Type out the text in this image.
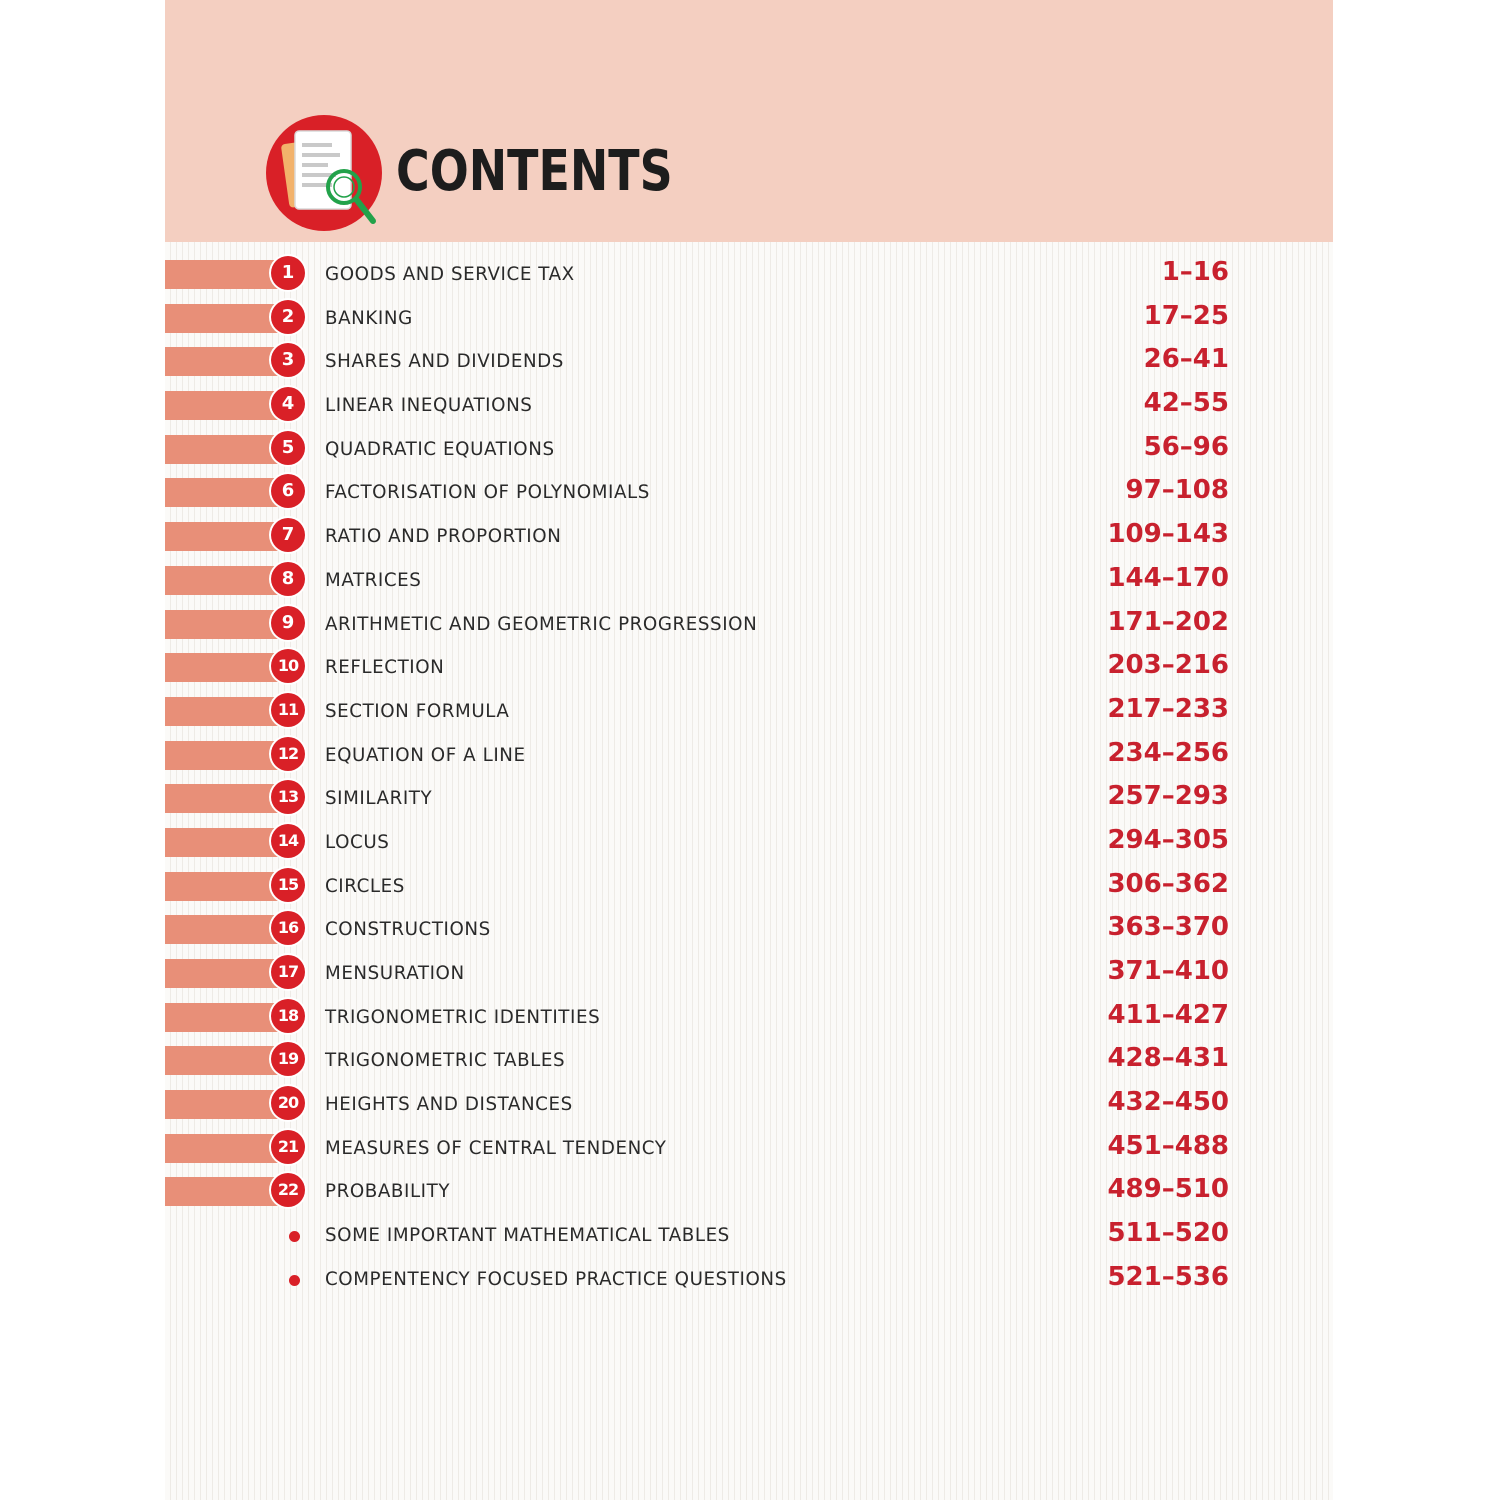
CONTENTS
1	GOODS AND SERVICE TAX	1–16
2	BANKING	17–25
3	SHARES AND DIVIDENDS	26–41
4	LINEAR INEQUATIONS	42–55
5	QUADRATIC EQUATIONS	56–96
6	FACTORISATION OF POLYNOMIALS	97–108
7	RATIO AND PROPORTION	109–143
8	MATRICES	144–170
9	ARITHMETIC AND GEOMETRIC PROGRESSION	171–202
10	REFLECTION	203–216
11	SECTION FORMULA	217–233
12	EQUATION OF A LINE	234–256
13	SIMILARITY	257–293
14	LOCUS	294–305
15	CIRCLES	306–362
16	CONSTRUCTIONS	363–370
17	MENSURATION	371–410
18	TRIGONOMETRIC IDENTITIES	411–427
19	TRIGONOMETRIC TABLES	428–431
20	HEIGHTS AND DISTANCES	432–450
21	MEASURES OF CENTRAL TENDENCY	451–488
22	PROBABILITY	489–510
SOME IMPORTANT MATHEMATICAL TABLES	511–520
COMPENTENCY FOCUSED PRACTICE QUESTIONS	521–536
